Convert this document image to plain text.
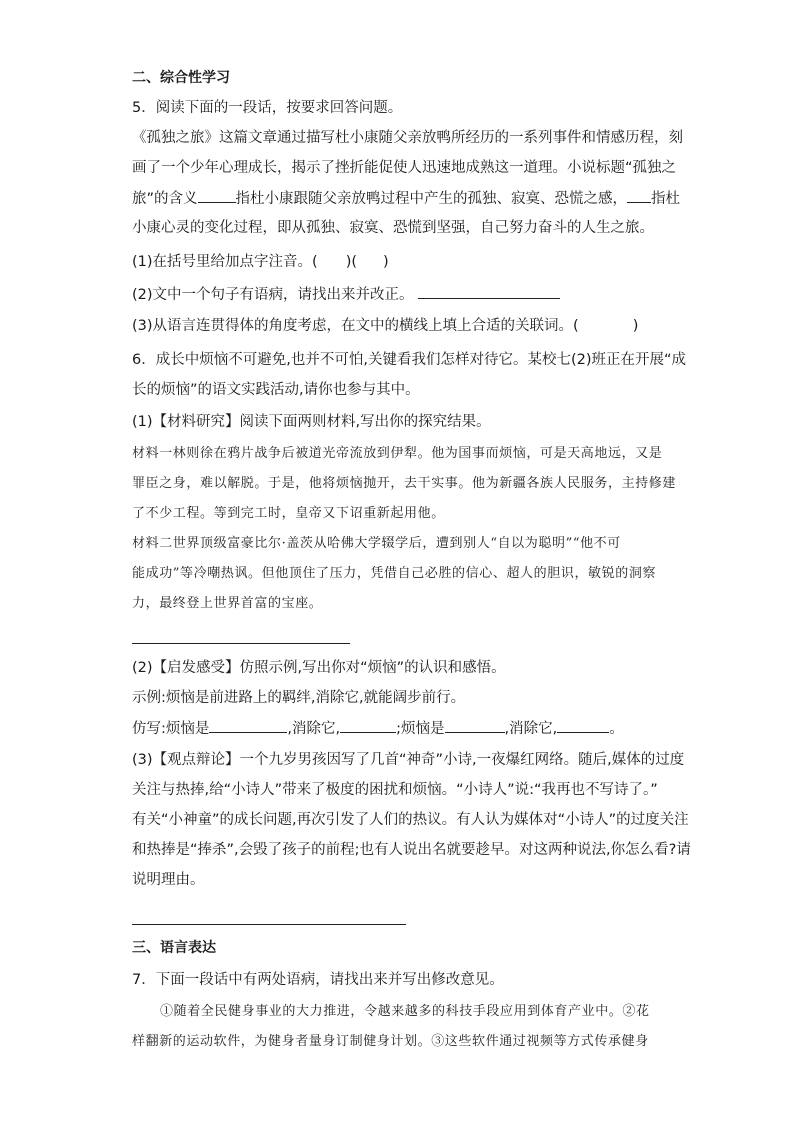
二、综合性学习

5．阅读下面的一段话，按要求回答问题。

《孤独之旅》这篇文章通过描写杜小康随父亲放鸭所经历的一系列事件和情感历程，刻

画了一个少年心理成长，揭示了挫折能促使人迅速地成熟这一道理。小说标题“孤独之

旅”的含义	指杜小康跟随父亲放鸭过程中产生的孤独、寂寞、恐慌之感， 指杜

小康心灵的变化过程，即从孤独、寂寞、恐慌到坚强，自己努力奋斗的人生之旅。

(1)在括号里给加点字注音。( )( )
(2)文中一个句子有语病，请找出来并改正。
(3)从语言连贯得体的角度考虑，在文中的横线上填上合适的关联词。(	)

6．成长中烦恼不可避免,也并不可怕,关键看我们怎样对待它。某校七(2)班正在开展“成

长的烦恼”的语文实践活动,请你也参与其中。

(1)【材料研究】阅读下面两则材料,写出你的探究结果。

材料一林则徐在鸦片战争后被道光帝流放到伊犁。他为国事而烦恼，可是天高地远，又是

罪臣之身，难以解脱。于是，他将烦恼抛开，去干实事。他为新疆各族人民服务，主持修建

了不少工程。等到完工时，皇帝又下诏重新起用他。

材料二世界顶级富豪比尔·盖茨从哈佛大学辍学后，遭到别人“自以为聪明”“他不可

能成功”等冷嘲热讽。但他顶住了压力，凭借自己必胜的信心、超人的胆识，敏锐的洞察

力，最终登上世界首富的宝座。

(2)【启发感受】仿照示例,写出你对“烦恼”的认识和感悟。

示例:烦恼是前进路上的羁绊,消除它,就能阔步前行。

仿写:烦恼是	,消除它,	;烦恼是	,消除它,	。

(3)【观点辩论】一个九岁男孩因写了几首“神奇”小诗,一夜爆红网络。随后,媒体的过度

关注与热捧,给“小诗人”带来了极度的困扰和烦恼。“小诗人”说:“我再也不写诗了。”

有关“小神童”的成长问题,再次引发了人们的热议。有人认为媒体对“小诗人”的过度关注

和热捧是“捧杀”,会毁了孩子的前程;也有人说出名就要趁早。对这两种说法,你怎么看?请

说明理由。

三、语言表达

7．下面一段话中有两处语病，请找出来并写出修改意见。

①随着全民健身事业的大力推进，令越来越多的科技手段应用到体育产业中。②花

样翻新的运动软件，为健身者量身订制健身计划。③这些软件通过视频等方式传承健身
